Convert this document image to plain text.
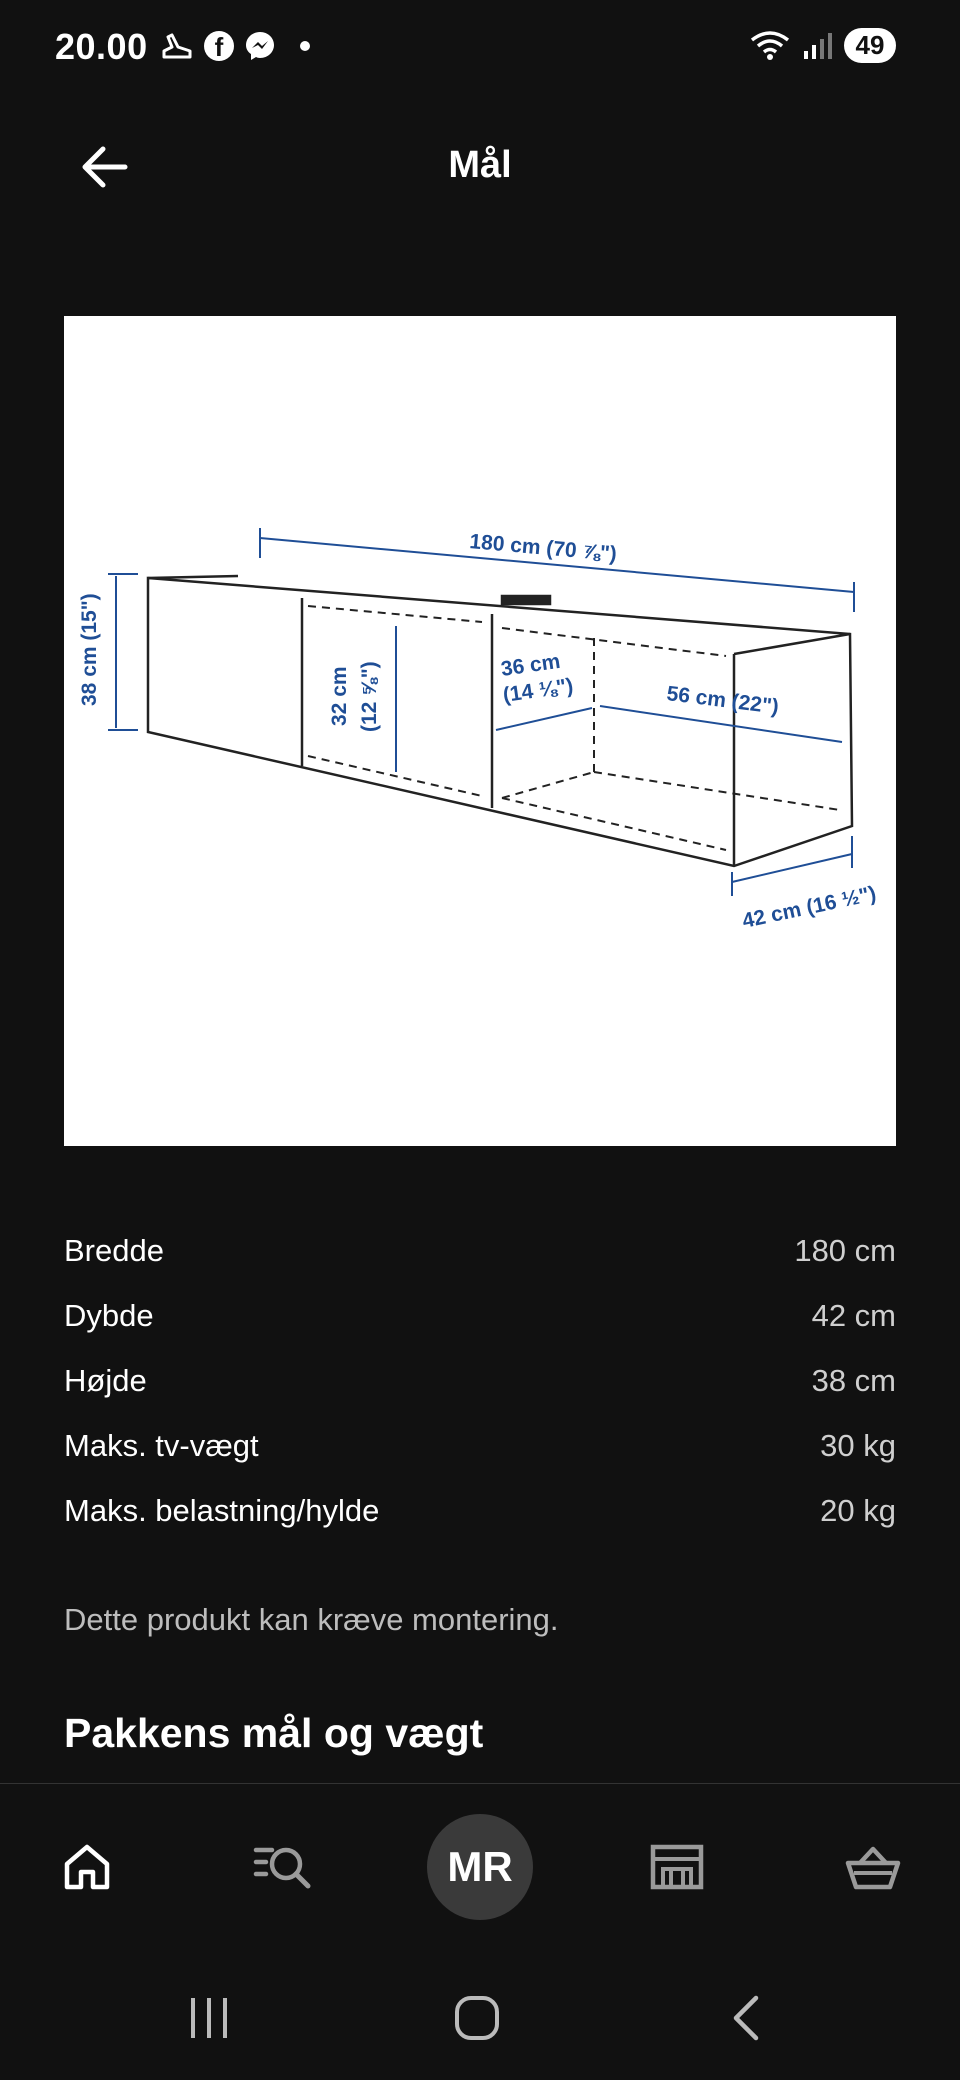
20.00	f	49
Mål
180 cm (70 ⅞")
38 cm (15")	32 cm (12 ⅝")	36 cm
(14 ⅛")	56 cm (22")
42 cm (16 ½")
Bredde	180 cm
Dybde	42 cm
Højde	38 cm
Maks. tv-vægt	30 kg
Maks. belastning/hylde	20 kg
Dette produkt kan kræve montering.
Pakkens mål og vægt
MR
